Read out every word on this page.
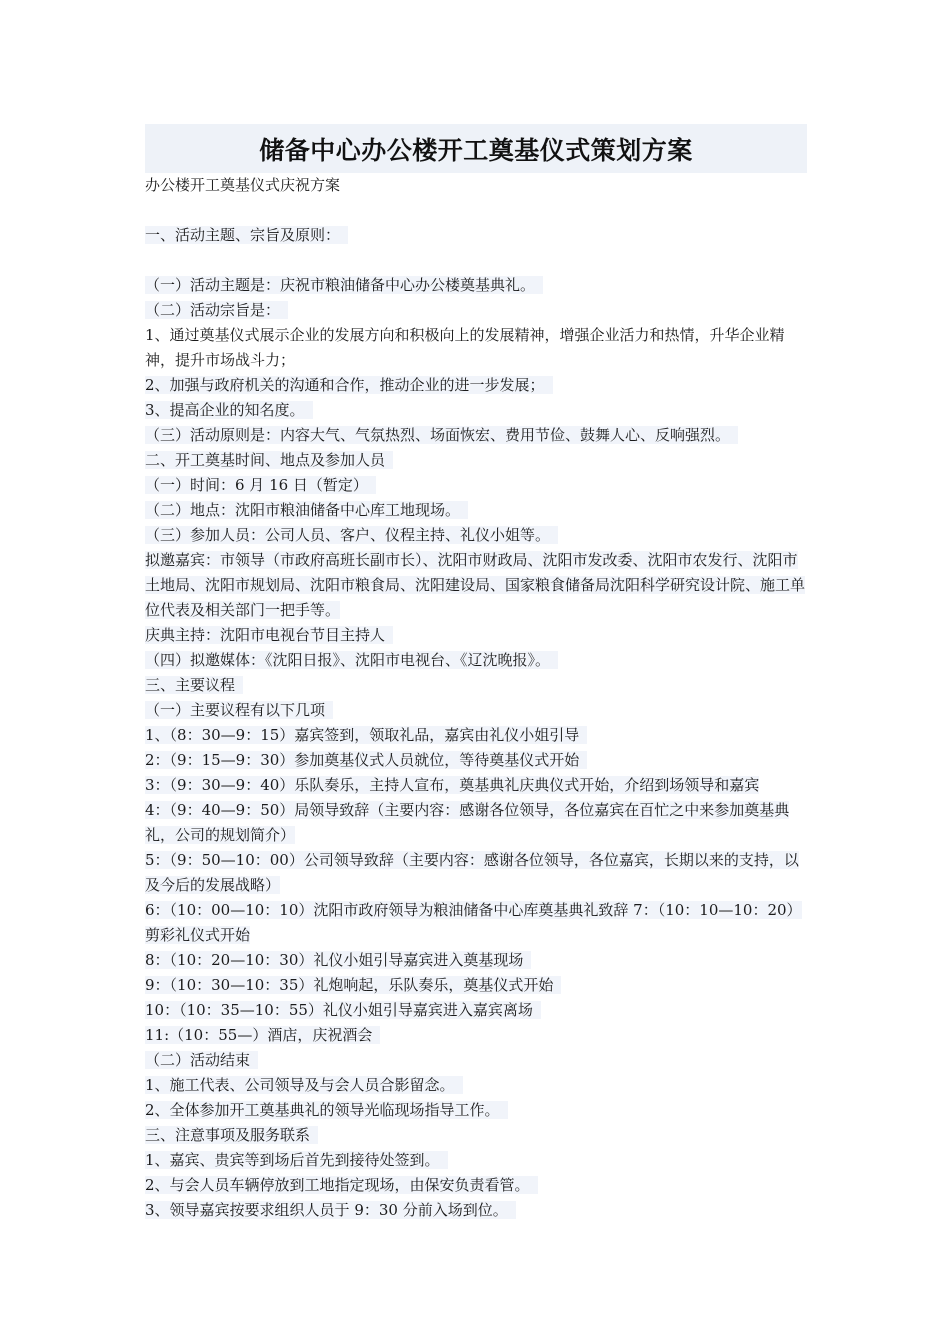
储备中心办公楼开工奠基仪式策划方案

办公楼开工奠基仪式庆祝方案

一、活动主题、宗旨及原则：

（一）活动主题是：庆祝市粮油储备中心办公楼奠基典礼。

（二）活动宗旨是：

1、通过奠基仪式展示企业的发展方向和积极向上的发展精神，增强企业活力和热情，升华企业精神，提升市场战斗力；

2、加强与政府机关的沟通和合作，推动企业的进一步发展；

3、提高企业的知名度。

（三）活动原则是：内容大气、气氛热烈、场面恢宏、费用节俭、鼓舞人心、反响强烈。

二、开工奠基时间、地点及参加人员

（一）时间：6 月 16 日（暂定）

（二）地点：沈阳市粮油储备中心库工地现场。

（三）参加人员：公司人员、客户、仪程主持、礼仪小姐等。

拟邀嘉宾：市领导（市政府高班长副市长）、沈阳市财政局、沈阳市发改委、沈阳市农发行、沈阳市土地局、沈阳市规划局、沈阳市粮食局、沈阳建设局、国家粮食储备局沈阳科学研究设计院、施工单位代表及相关部门一把手等。

庆典主持：沈阳市电视台节目主持人

（四）拟邀媒体：《沈阳日报》、沈阳市电视台、《辽沈晚报》。

三、主要议程

（一）主要议程有以下几项

1、（8：30—9：15）嘉宾签到，领取礼品，嘉宾由礼仪小姐引导

2：（9：15—9：30）参加奠基仪式人员就位，等待奠基仪式开始

3：（9：30—9：40）乐队奏乐，主持人宣布，奠基典礼庆典仪式开始，介绍到场领导和嘉宾

4：（9：40—9：50）局领导致辞（主要内容：感谢各位领导，各位嘉宾在百忙之中来参加奠基典礼，公司的规划简介）

5：（9：50—10：00）公司领导致辞（主要内容：感谢各位领导，各位嘉宾，长期以来的支持，以及今后的发展战略）

6：（10：00—10：10）沈阳市政府领导为粮油储备中心库奠基典礼致辞 7：（10：10—10：20）剪彩礼仪式开始

8：（10：20—10：30）礼仪小姐引导嘉宾进入奠基现场

9：（10：30—10：35）礼炮响起，乐队奏乐，奠基仪式开始

10：（10：35—10：55）礼仪小姐引导嘉宾进入嘉宾离场

11:（10：55—）酒店，庆祝酒会

（二）活动结束

1、施工代表、公司领导及与会人员合影留念。

2、全体参加开工奠基典礼的领导光临现场指导工作。

三、注意事项及服务联系

1、嘉宾、贵宾等到场后首先到接待处签到。

2、与会人员车辆停放到工地指定现场，由保安负责看管。

3、领导嘉宾按要求组织人员于 9：30 分前入场到位。
